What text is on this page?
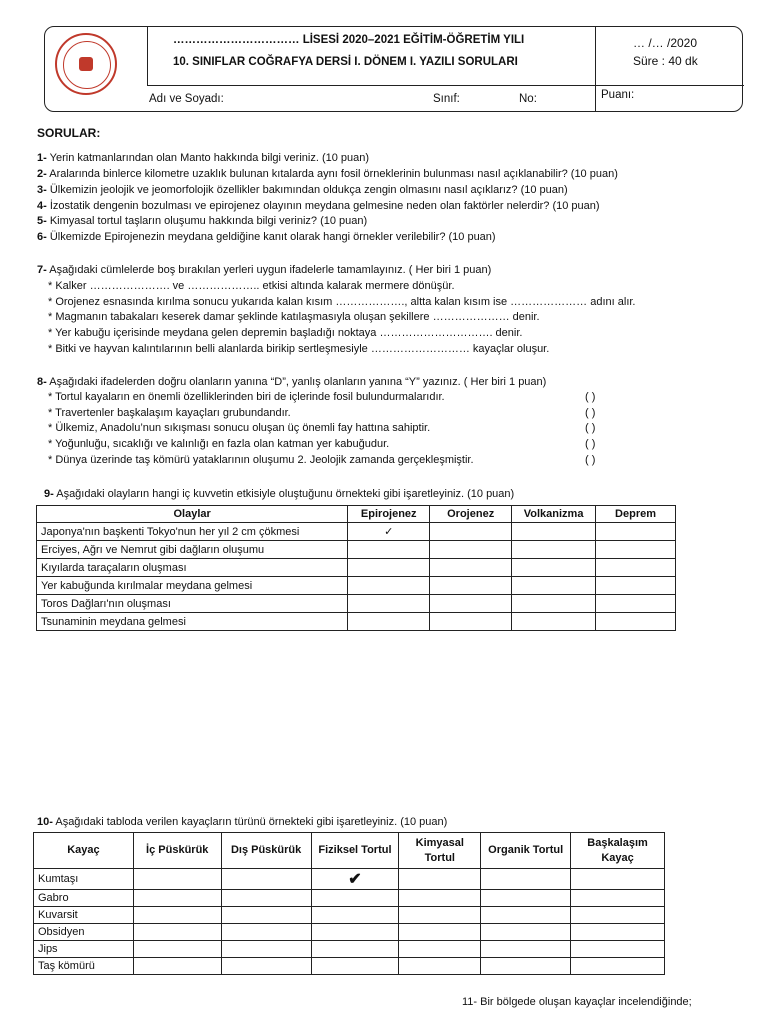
…………………………… LİSESİ 2020–2021 EĞİTİM-ÖĞRETİM YILI
10. SINIFLAR COĞRAFYA DERSİ I. DÖNEM I. YAZILI SORULARI
… /… /2020
Süre : 40 dk
Adı ve Soyadı:	Sınıf:	No:	Puanı:
SORULAR:
1- Yerin katmanlarından olan Manto hakkında bilgi veriniz. (10 puan)
2- Aralarında binlerce kilometre uzaklık bulunan kıtalarda aynı fosil örneklerinin bulunması nasıl açıklanabilir? (10 puan)
3- Ülkemizin jeolojik ve jeomorfolojik özellikler bakımından oldukça zengin olmasını nasıl açıklarız? (10 puan)
4- İzostatik dengenin bozulması ve epirojenez olayının meydana gelmesine neden olan faktörler nelerdir? (10 puan)
5- Kimyasal tortul taşların oluşumu hakkında bilgi veriniz? (10 puan)
6- Ülkemizde Epirojenezin meydana geldiğine kanıt olarak hangi örnekler verilebilir? (10 puan)
7- Aşağıdaki cümlelerde boş bırakılan yerleri uygun ifadelerle tamamlayınız. ( Her biri 1 puan)
* Kalker …………………. ve ……………….. etkisi altında kalarak mermere dönüşür.
* Orojenez esnasında kırılma sonucu yukarıda kalan kısım ………………., altta kalan kısım ise ………………… adını alır.
* Magmanın tabakaları keserek damar şeklinde katılaşmasıyla oluşan şekillere ………………… denir.
* Yer kabuğu içerisinde meydana gelen depremin başladığı noktaya …………………………. denir.
* Bitki ve hayvan kalıntılarının belli alanlarda birikip sertleşmesiyle ……………………… kayaçlar oluşur.
8- Aşağıdaki ifadelerden doğru olanların yanına “D”, yanlış olanların yanına “Y” yazınız. ( Her biri 1 puan)
* Tortul kayaların en önemli özelliklerinden biri de içlerinde fosil bulundurmalarıdır.	( )
* Travertenler başkalaşım kayaçları grubundandır.	( )
* Ülkemiz, Anadolu’nun sıkışması sonucu oluşan üç önemli fay hattına sahiptir.	( )
* Yoğunluğu, sıcaklığı ve kalınlığı en fazla olan katman yer kabuğudur.	( )
* Dünya üzerinde taş kömürü yataklarının oluşumu 2. Jeolojik zamanda gerçekleşmiştir.	( )
9- Aşağıdaki olayların hangi iç kuvvetin etkisiyle oluştuğunu örnekteki gibi işaretleyiniz. (10 puan)
Olaylar	Epirojenez	Orojenez	Volkanizma	Deprem
Japonya'nın başkenti Tokyo'nun her yıl 2 cm çökmesi	✓			
Erciyes, Ağrı ve Nemrut gibi dağların oluşumu				
Kıyılarda taraçaların oluşması				
Yer kabuğunda kırılmalar meydana gelmesi				
Toros Dağları'nın oluşması				
Tsunaminin meydana gelmesi				
10- Aşağıdaki tabloda verilen kayaçların türünü örnekteki gibi işaretleyiniz. (10 puan)
Kayaç	İç Püskürük	Dış Püskürük	Fiziksel Tortul	Kimyasal Tortul	Organik Tortul	Başkalaşım Kayaç
Kumtaşı			✔			
Gabro						
Kuvarsit						
Obsidyen						
Jips						
Taş kömürü						
11- Bir bölgede oluşan kayaçlar incelendiğinde;
